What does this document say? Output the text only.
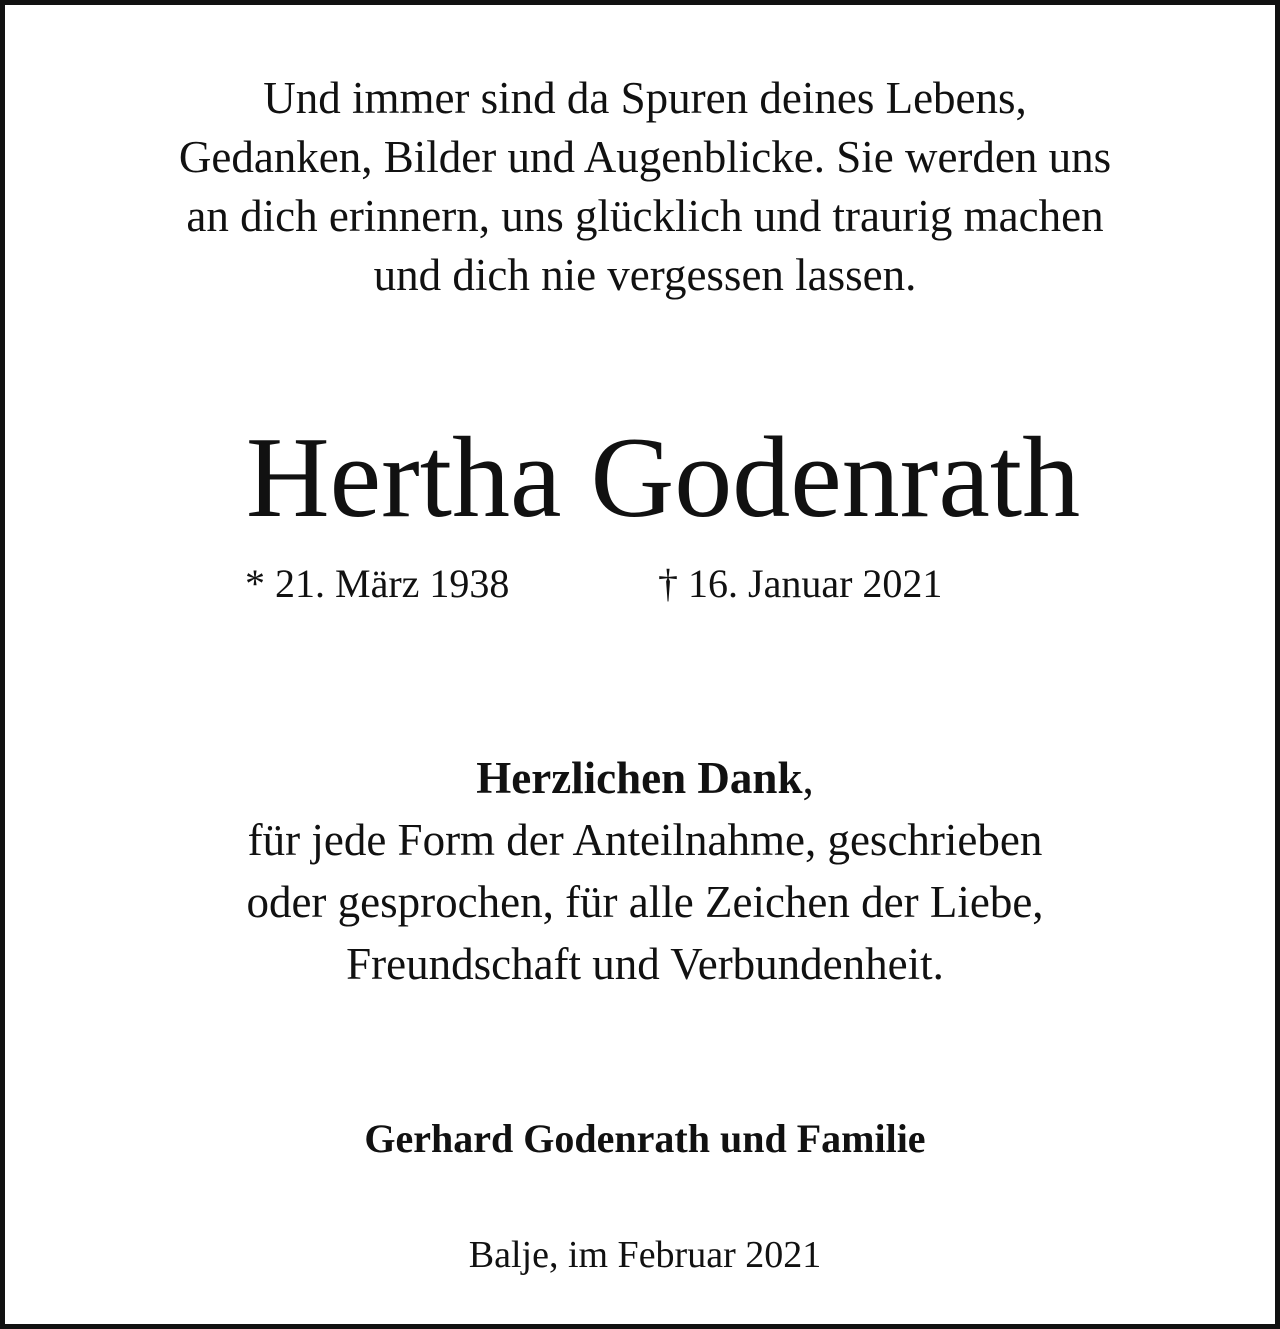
Und immer sind da Spuren deines Lebens,
Gedanken, Bilder und Augenblicke. Sie werden uns
an dich erinnern, uns glücklich und traurig machen
und dich nie vergessen lassen.
Hertha Godenrath
* 21. März 1938	† 16. Januar 2021
Herzlichen Dank,
für jede Form der Anteilnahme, geschrieben
oder gesprochen, für alle Zeichen der Liebe,
Freundschaft und Verbundenheit.
Gerhard Godenrath und Familie
Balje, im Februar 2021
